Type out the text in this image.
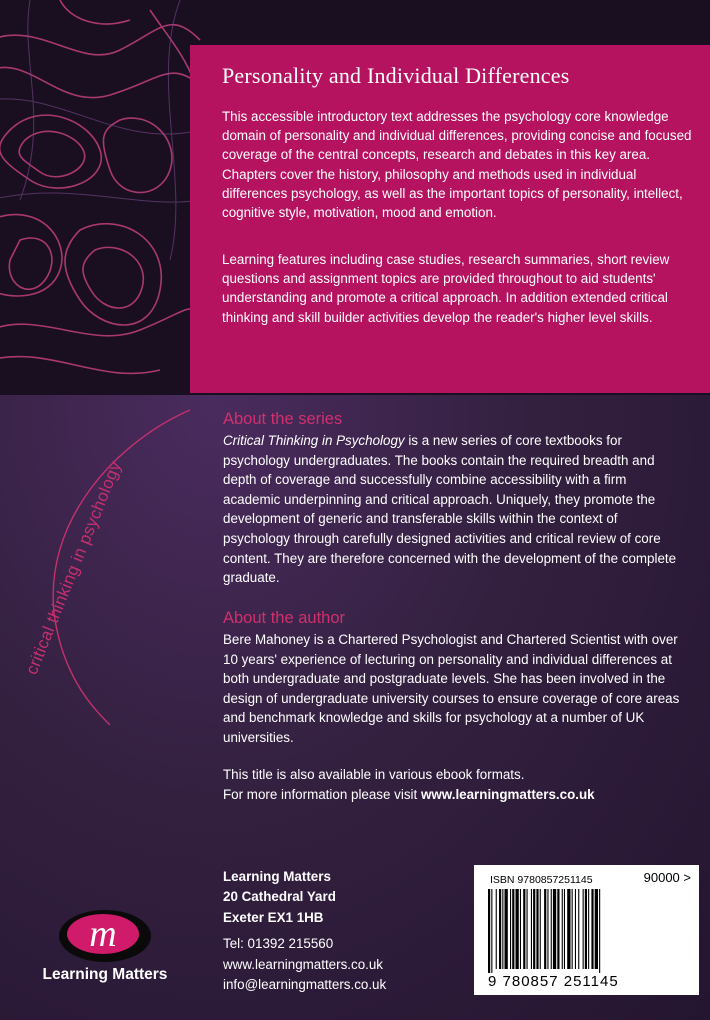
Personality and Individual Differences

This accessible introductory text addresses the psychology core knowledge domain of personality and individual differences, providing concise and focused coverage of the central concepts, research and debates in this key area. Chapters cover the history, philosophy and methods used in individual differences psychology, as well as the important topics of personality, intellect, cognitive style, motivation, mood and emotion.

Learning features including case studies, research summaries, short review questions and assignment topics are provided throughout to aid students' understanding and promote a critical approach. In addition extended critical thinking and skill builder activities develop the reader's higher level skills.

critical thinking in psychology
About the series

Critical Thinking in Psychology is a new series of core textbooks for psychology undergraduates. The books contain the required breadth and depth of coverage and successfully combine accessibility with a firm academic underpinning and critical approach. Uniquely, they promote the development of generic and transferable skills within the context of psychology through carefully designed activities and critical review of core content. They are therefore concerned with the development of the complete graduate.

About the author

Bere Mahoney is a Chartered Psychologist and Chartered Scientist with over 10 years' experience of lecturing on personality and individual differences at both undergraduate and postgraduate levels. She has been involved in the design of undergraduate university courses to ensure coverage of core areas and benchmark knowledge and skills for psychology at a number of UK universities.

This title is also available in various ebook formats.
For more information please visit www.learningmatters.co.uk

Learning Matters
20 Cathedral Yard
Exeter EX1 1HB
Tel: 01392 215560
www.learningmatters.co.uk
info@learningmatters.co.uk
m
Learning Matters
ISBN 9780857251145	90000 >
9 780857 251145
